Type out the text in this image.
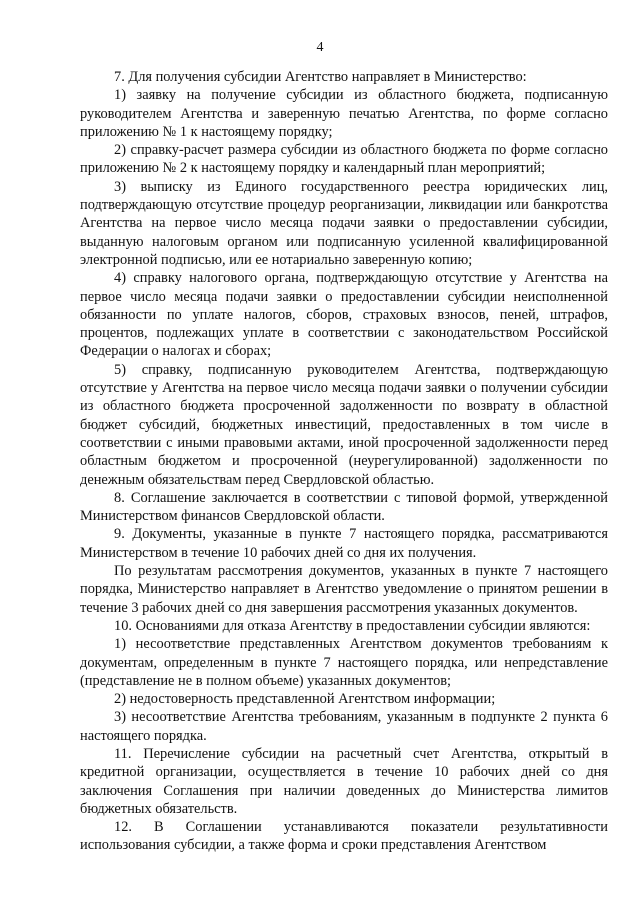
4

7. Для получения субсидии Агентство направляет в Министерство:

1) заявку на получение субсидии из областного бюджета, подписанную руководителем Агентства и заверенную печатью Агентства, по форме согласно приложению № 1 к настоящему порядку;

2) справку-расчет размера субсидии из областного бюджета по форме согласно приложению № 2 к настоящему порядку и календарный план мероприятий;

3) выписку из Единого государственного реестра юридических лиц, подтверждающую отсутствие процедур реорганизации, ликвидации или банкротства Агентства на первое число месяца подачи заявки о предоставлении субсидии, выданную налоговым органом или подписанную усиленной квалифицированной электронной подписью, или ее нотариально заверенную копию;

4) справку налогового органа, подтверждающую отсутствие у Агентства на первое число месяца подачи заявки о предоставлении субсидии неисполненной обязанности по уплате налогов, сборов, страховых взносов, пеней, штрафов, процентов, подлежащих уплате в соответствии с законодательством Российской Федерации о налогах и сборах;

5) справку, подписанную руководителем Агентства, подтверждающую отсутствие у Агентства на первое число месяца подачи заявки о получении субсидии из областного бюджета просроченной задолженности по возврату в областной бюджет субсидий, бюджетных инвестиций, предоставленных в том числе в соответствии с иными правовыми актами, иной просроченной задолженности перед областным бюджетом и просроченной (неурегулированной) задолженности по денежным обязательствам перед Свердловской областью.

8. Соглашение заключается в соответствии с типовой формой, утвержденной Министерством финансов Свердловской области.

9. Документы, указанные в пункте 7 настоящего порядка, рассматриваются Министерством в течение 10 рабочих дней со дня их получения.

По результатам рассмотрения документов, указанных в пункте 7 настоящего порядка, Министерство направляет в Агентство уведомление о принятом решении в течение 3 рабочих дней со дня завершения рассмотрения указанных документов.

10. Основаниями для отказа Агентству в предоставлении субсидии являются:

1) несоответствие представленных Агентством документов требованиям к документам, определенным в пункте 7 настоящего порядка, или непредставление (представление не в полном объеме) указанных документов;

2) недостоверность представленной Агентством информации;

3) несоответствие Агентства требованиям, указанным в подпункте 2 пункта 6 настоящего порядка.

11. Перечисление субсидии на расчетный счет Агентства, открытый в кредитной организации, осуществляется в течение 10 рабочих дней со дня заключения Соглашения при наличии доведенных до Министерства лимитов бюджетных обязательств.

12. В Соглашении устанавливаются показатели результативности использования субсидии, а также форма и сроки представления Агентством
